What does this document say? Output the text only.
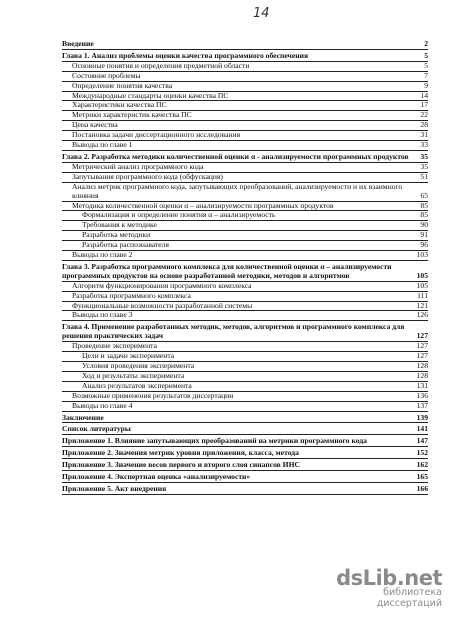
14
Введение	2
Глава 1. Анализ проблемы оценки качества программного обеспечения	5
Основные понятия и определения предметной области	5
Состояние проблемы	7
Определение понятия качества	9
Международные стандарты оценки качества ПС	14
Характеристики качества ПС	17
Метрики характеристик качества ПС	22
Цена качества	28
Постановка задачи диссертационного исследования	31
Выводы по главе 1	33
Глава 2. Разработка методики количественной оценки α - анализируемости программных продуктов	35
Метрический анализ программного кода	35
Запутывания программного кода (обфускация)	51
Анализ метрик программного кода, запутывающих преобразований, анализируемости и их взаимного влияния	65
Методика количественной оценки α – анализируемости программных продуктов	85
Формализация и определение понятия α – анализируемость	85
Требования к методике	90
Разработка методики	91
Разработка распознавателя	96
Выводы по главе 2	103
Глава 3. Разработка программного комплекса для количественной оценки α – анализируемости программных продуктов на основе разработанной методики, методов и алгоритмов	105
Алгоритм функционирования программного комплекса	105
Разработка программного комплекса	111
Функциональные возможности разработанной системы	121
Выводы по главе 3	126
Глава 4. Применение разработанных методик, методов, алгоритмов и программного комплекса для решения практических задач	127
Проведение эксперимента	127
Цели и задачи эксперимента	127
Условия проведения эксперимента	128
Ход и результаты эксперимента	128
Анализ результатов эксперимента	131
Возможные применения результатов диссертации	136
Выводы по главе 4	137
Заключение	139
Список литературы	141
Приложение 1. Влияние запутывающих преобразований на метрики программного кода	147
Приложение 2. Значения метрик уровня приложения, класса, метода	152
Приложение 3. Значение весов первого и второго слоя синапсов ИНС	162
Приложение 4. Экспертная оценка «анализируемости»	165
Приложение 5. Акт внедрения	166
dsLib.net
библиотека диссертаций
